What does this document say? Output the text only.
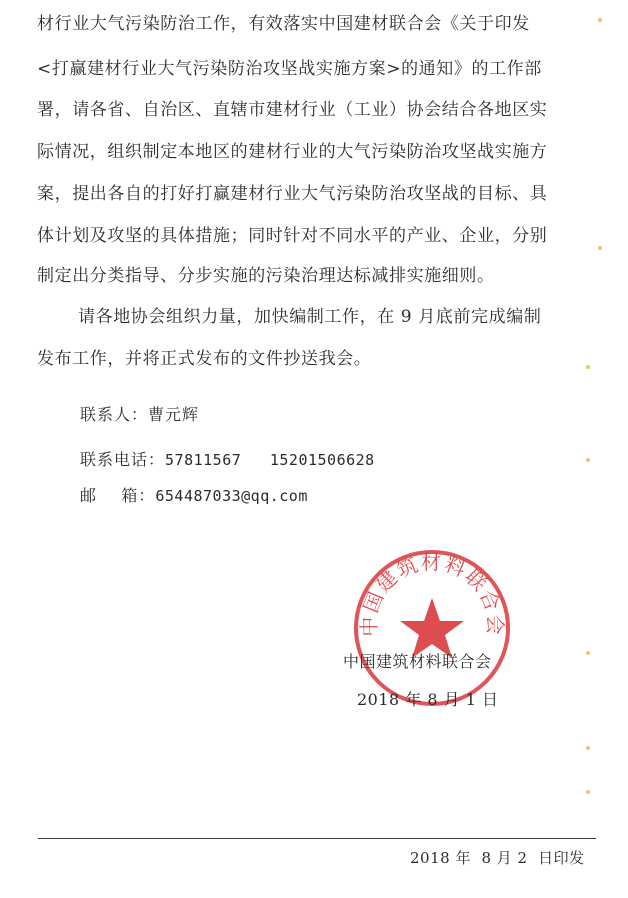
材行业大气污染防治工作，有效落实中国建材联合会《关于印发
<打赢建材行业大气污染防治攻坚战实施方案>的通知》的工作部
署，请各省、自治区、直辖市建材行业（工业）协会结合各地区实
际情况，组织制定本地区的建材行业的大气污染防治攻坚战实施方
案，提出各自的打好打赢建材行业大气污染防治攻坚战的目标、具
体计划及攻坚的具体措施；同时针对不同水平的产业、企业，分别
制定出分类指导、分步实施的污染治理达标减排实施细则。
请各地协会组织力量，加快编制工作，在 9 月底前完成编制
发布工作，并将正式发布的文件抄送我会。
联系人：曹元辉
联系电话：57811567   15201506628
邮    箱：654487033@qq.com
中国建筑材料联合会
中国建筑材料联合会
2018 年 8 月 1 日
2018 年  8 月 2  日印发
